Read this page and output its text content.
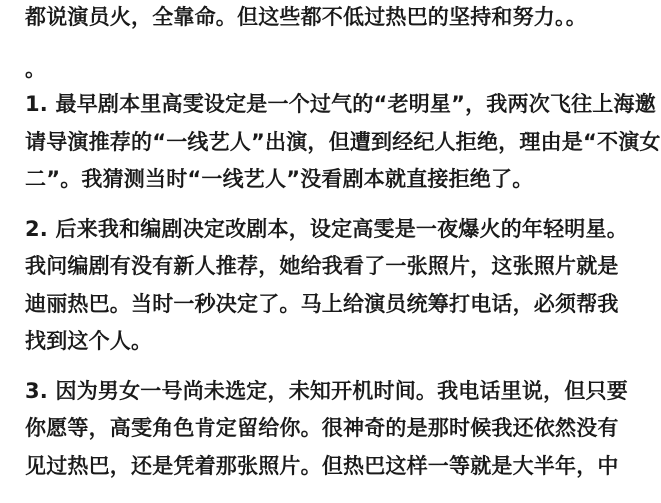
都说演员火，全靠命。但这些都不低过热巴的坚持和努力。。
。
1. 最早剧本里高雯设定是一个过气的“老明星”，我两次飞往上海邀
请导演推荐的“一线艺人”出演，但遭到经纪人拒绝，理由是“不演女
二”。我猜测当时“一线艺人”没看剧本就直接拒绝了。
2. 后来我和编剧决定改剧本，设定高雯是一夜爆火的年轻明星。
我问编剧有没有新人推荐，她给我看了一张照片，这张照片就是
迪丽热巴。当时一秒决定了。马上给演员统筹打电话，必须帮我
找到这个人。
3. 因为男女一号尚未选定，未知开机时间。我电话里说，但只要
你愿等，高雯角色肯定留给你。很神奇的是那时候我还依然没有
见过热巴，还是凭着那张照片。但热巴这样一等就是大半年，中
